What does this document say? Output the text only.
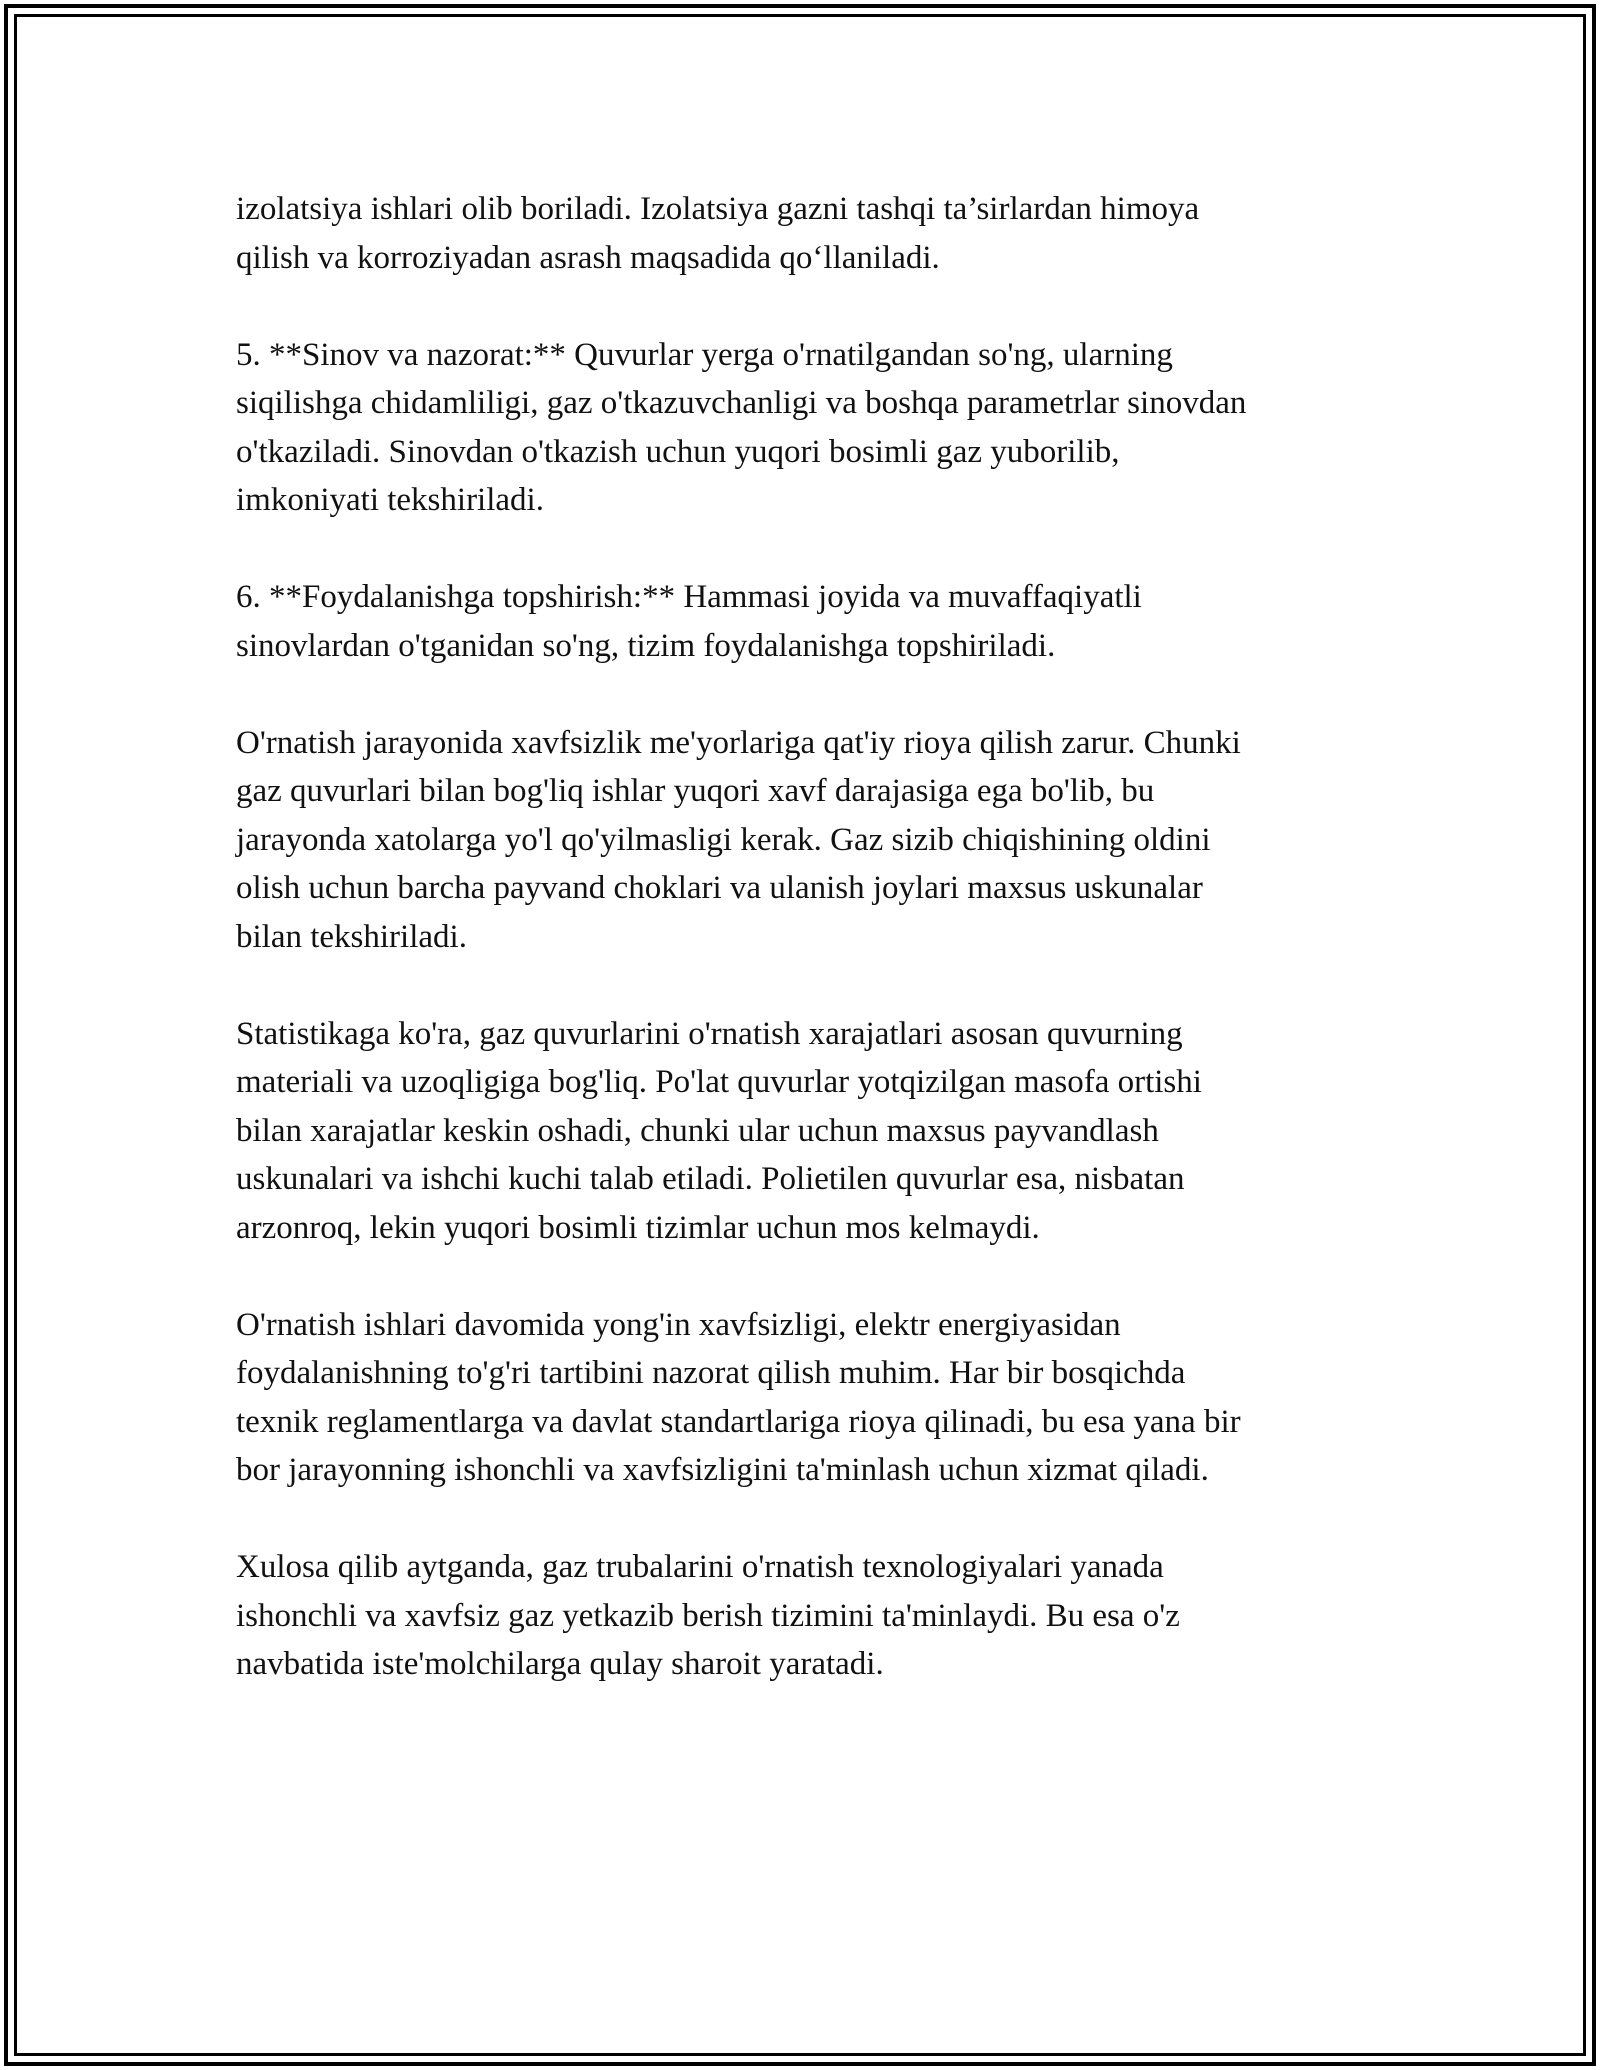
izolatsiya ishlari olib boriladi. Izolatsiya gazni tashqi ta’sirlardan himoya
qilish va korroziyadan asrash maqsadida qo‘llaniladi.

5. **Sinov va nazorat:** Quvurlar yerga o'rnatilgandan so'ng, ularning
siqilishga chidamliligi, gaz o'tkazuvchanligi va boshqa parametrlar sinovdan
o'tkaziladi. Sinovdan o'tkazish uchun yuqori bosimli gaz yuborilib,
imkoniyati tekshiriladi.

6. **Foydalanishga topshirish:** Hammasi joyida va muvaffaqiyatli
sinovlardan o'tganidan so'ng, tizim foydalanishga topshiriladi.

O'rnatish jarayonida xavfsizlik me'yorlariga qat'iy rioya qilish zarur. Chunki
gaz quvurlari bilan bog'liq ishlar yuqori xavf darajasiga ega bo'lib, bu
jarayonda xatolarga yo'l qo'yilmasligi kerak. Gaz sizib chiqishining oldini
olish uchun barcha payvand choklari va ulanish joylari maxsus uskunalar
bilan tekshiriladi.

Statistikaga ko'ra, gaz quvurlarini o'rnatish xarajatlari asosan quvurning
materiali va uzoqligiga bog'liq. Po'lat quvurlar yotqizilgan masofa ortishi
bilan xarajatlar keskin oshadi, chunki ular uchun maxsus payvandlash
uskunalari va ishchi kuchi talab etiladi. Polietilen quvurlar esa, nisbatan
arzonroq, lekin yuqori bosimli tizimlar uchun mos kelmaydi.

O'rnatish ishlari davomida yong'in xavfsizligi, elektr energiyasidan
foydalanishning to'g'ri tartibini nazorat qilish muhim. Har bir bosqichda
texnik reglamentlarga va davlat standartlariga rioya qilinadi, bu esa yana bir
bor jarayonning ishonchli va xavfsizligini ta'minlash uchun xizmat qiladi.

Xulosa qilib aytganda, gaz trubalarini o'rnatish texnologiyalari yanada
ishonchli va xavfsiz gaz yetkazib berish tizimini ta'minlaydi. Bu esa o'z
navbatida iste'molchilarga qulay sharoit yaratadi.
